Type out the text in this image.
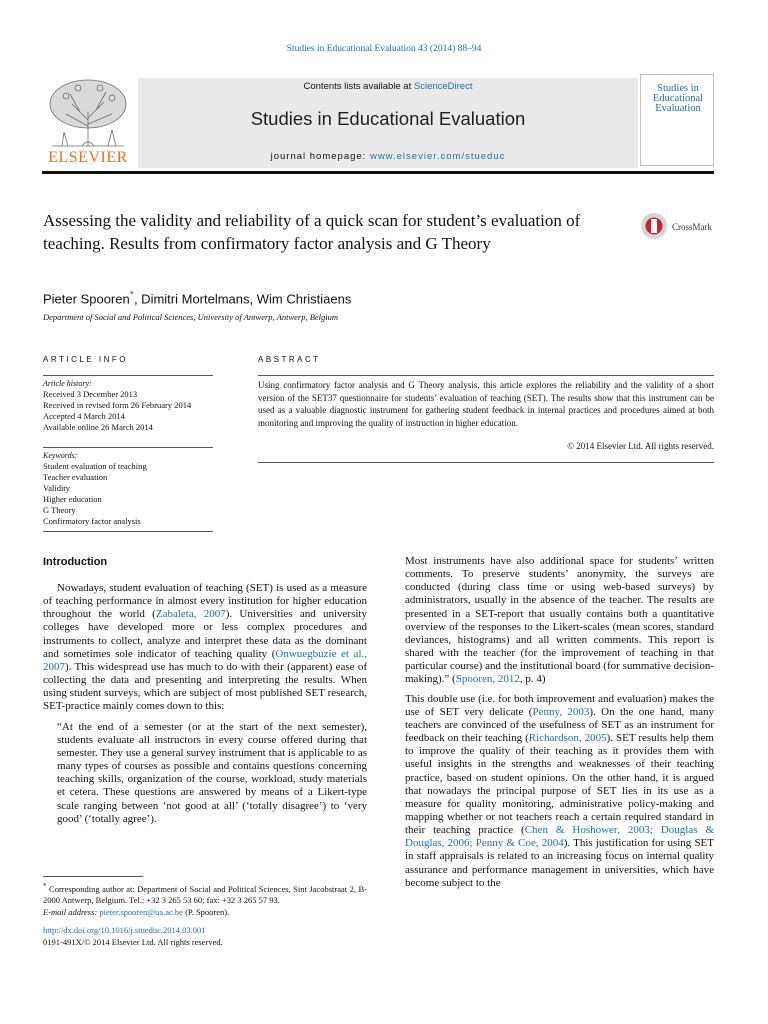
Studies in Educational Evaluation 43 (2014) 88–94
ELSEVIER
Contents lists available at ScienceDirect
Studies in Educational Evaluation
journal homepage: www.elsevier.com/stueduc
Studies in Educational Evaluation
Assessing the validity and reliability of a quick scan for student’s evaluation of teaching. Results from confirmatory factor analysis and G Theory
CrossMark
Pieter Spooren*, Dimitri Mortelmans, Wim Christiaens
Department of Social and Political Sciences, University of Antwerp, Antwerp, Belgium
ARTICLE INFO	ABSTRACT
Article history:
Received 3 December 2013
Received in revised form 26 February 2014
Accepted 4 March 2014
Available online 26 March 2014
Keywords:
Student evaluation of teaching
Teacher evaluation
Validity
Higher education
G Theory
Confirmatory factor analysis
Using confirmatory factor analysis and G Theory analysis, this article explores the reliability and the validity of a short version of the SET37 questionnaire for students’ evaluation of teaching (SET). The results show that this instrument can be used as a valuable diagnostic instrument for gathering student feedback in internal practices and procedures aimed at both monitoring and improving the quality of instruction in higher education.
© 2014 Elsevier Ltd. All rights reserved.
Introduction

Nowadays, student evaluation of teaching (SET) is used as a measure of teaching performance in almost every institution for higher education throughout the world (Zabaleta, 2007). Universities and university colleges have developed more or less complex procedures and instruments to collect, analyze and interpret these data as the dominant and sometimes sole indicator of teaching quality (Onwuegbuzie et al., 2007). This widespread use has much to do with their (apparent) ease of collecting the data and presenting and interpreting the results. When using student surveys, which are subject of most published SET research, SET-practice mainly comes down to this:

“At the end of a semester (or at the start of the next semester), students evaluate all instructors in every course offered during that semester. They use a general survey instrument that is applicable to as many types of courses as possible and contains questions concerning teaching skills, organization of the course, workload, study materials et cetera. These questions are answered by means of a Likert-type scale ranging between ‘not good at all’ (‘totally disagree’) to ‘very good’ (‘totally agree’).

Most instruments have also additional space for students’ written comments. To preserve students’ anonymity, the surveys are conducted (during class time or using web-based surveys) by administrators, usually in the absence of the teacher. The results are presented in a SET-report that usually contains both a quantitative overview of the responses to the Likert-scales (mean scores, standard deviances, histograms) and all written comments. This report is shared with the teacher (for the improvement of teaching in that particular course) and the institutional board (for summative decision-making).” (Spooren, 2012, p. 4)

This double use (i.e. for both improvement and evaluation) makes the use of SET very delicate (Penny, 2003). On the one hand, many teachers are convinced of the usefulness of SET as an instrument for feedback on their teaching (Richardson, 2005). SET results help them to improve the quality of their teaching as it provides them with useful insights in the strengths and weaknesses of their teaching practice, based on student opinions. On the other hand, it is argued that nowadays the principal purpose of SET lies in its use as a measure for quality monitoring, administrative policy-making and mapping whether or not teachers reach a certain required standard in their teaching practice (Chen & Hoshower, 2003; Douglas & Douglas, 2006; Penny & Coe, 2004). This justification for using SET in staff appraisals is related to an increasing focus on internal quality assurance and performance management in universities, which have become subject to the

* Corresponding author at: Department of Social and Political Sciences, Sint Jacobstraat 2, B-2000 Antwerp, Belgium. Tel.: +32 3 265 53 60; fax: +32 3 265 57 93.
E-mail address: pieter.spooren@ua.ac.be (P. Spooren).
http://dx.doi.org/10.1016/j.stueduc.2014.03.001
0191-491X/© 2014 Elsevier Ltd. All rights reserved.
